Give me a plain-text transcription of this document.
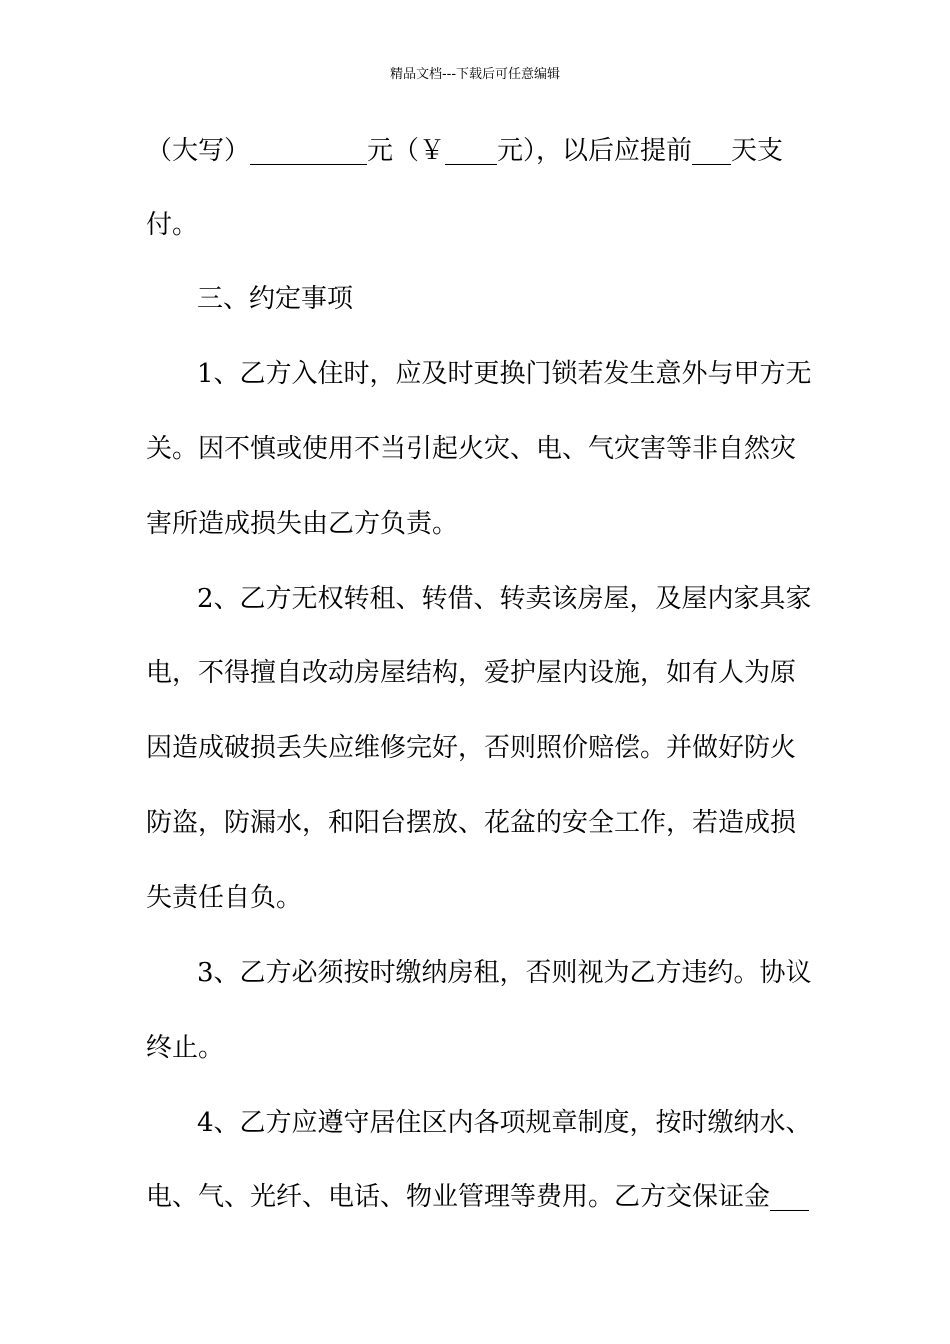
精品文档---下载后可任意编辑
（大写）_________元（￥____元），以后应提前___天支
付。
三、约定事项
1、乙方入住时，应及时更换门锁若发生意外与甲方无
关。因不慎或使用不当引起火灾、电、气灾害等非自然灾
害所造成损失由乙方负责。
2、乙方无权转租、转借、转卖该房屋，及屋内家具家
电，不得擅自改动房屋结构，爱护屋内设施，如有人为原
因造成破损丢失应维修完好，否则照价赔偿。并做好防火
防盗，防漏水，和阳台摆放、花盆的安全工作，若造成损
失责任自负。
3、乙方必须按时缴纳房租，否则视为乙方违约。协议
终止。
4、乙方应遵守居住区内各项规章制度，按时缴纳水、
电、气、光纤、电话、物业管理等费用。乙方交保证金___
